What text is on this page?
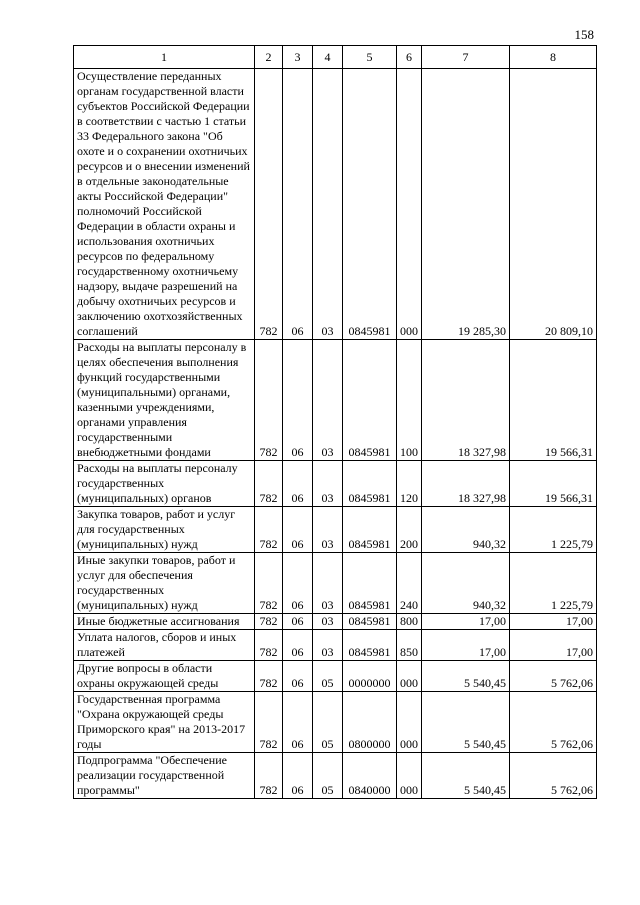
158
1	2	3	4	5	6	7	8
Осуществление переданных органам государственной власти субъектов Российской Федерации в соответствии с частью 1 статьи 33 Федерального закона "Об охоте и о сохранении охотничьих ресурсов и о внесении изменений в отдельные законодательные акты Российской Федерации" полномочий Российской Федерации в области охраны и использования охотничьих ресурсов по федеральному государственному охотничьему надзору, выдаче разрешений на добычу охотничьих ресурсов и заключению охотхозяйственных соглашений	782	06	03	0845981	000	19 285,30	20 809,10
Расходы на выплаты персоналу в целях обеспечения выполнения функций государственными (муниципальными) органами, казенными учреждениями, органами управления государственными внебюджетными фондами	782	06	03	0845981	100	18 327,98	19 566,31
Расходы на выплаты персоналу государственных (муниципальных) органов	782	06	03	0845981	120	18 327,98	19 566,31
Закупка товаров, работ и услуг для государственных (муниципальных) нужд	782	06	03	0845981	200	940,32	1 225,79
Иные закупки товаров, работ и услуг для обеспечения государственных (муниципальных) нужд	782	06	03	0845981	240	940,32	1 225,79
Иные бюджетные ассигнования	782	06	03	0845981	800	17,00	17,00
Уплата налогов, сборов и иных платежей	782	06	03	0845981	850	17,00	17,00
Другие вопросы в области охраны окружающей среды	782	06	05	0000000	000	5 540,45	5 762,06
Государственная программа "Охрана окружающей среды Приморского края" на 2013-2017 годы	782	06	05	0800000	000	5 540,45	5 762,06
Подпрограмма "Обеспечение реализации государственной программы"	782	06	05	0840000	000	5 540,45	5 762,06
